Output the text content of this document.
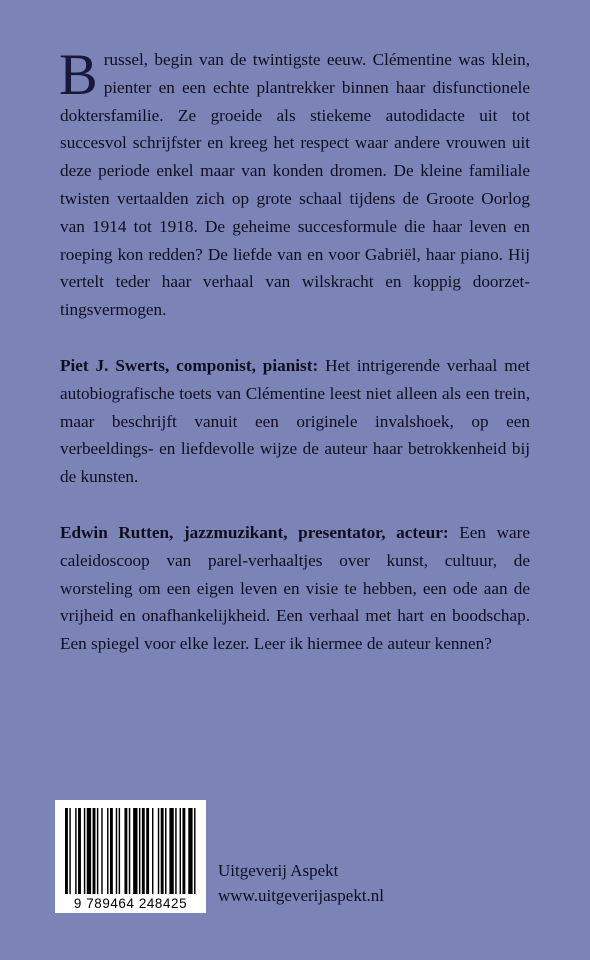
Brussel, begin van de twintigste eeuw. Clémentine was klein, pienter en een echte plantrekker binnen haar disfunctionele doktersfamilie. Ze groeide als stiekeme autodidacte uit tot succesvol schrijfster en kreeg het respect waar andere vrouwen uit deze periode enkel maar van konden dromen. De kleine familiale twisten vertaalden zich op grote schaal tijdens de Groote Oorlog van 1914 tot 1918. De geheime succesformule die haar leven en roeping kon redden? De liefde van en voor Gabriël, haar piano. Hij vertelt teder haar verhaal van wilskracht en koppig doorzettingsvermogen.

Piet J. Swerts, componist, pianist: Het intrigerende verhaal met autobiografische toets van Clémentine leest niet alleen als een trein, maar beschrijft vanuit een originele invalshoek, op een verbeeldings- en liefdevolle wijze de auteur haar betrokkenheid bij de kunsten.

Edwin Rutten, jazzmuzikant, presentator, acteur: Een ware caleidoscoop van parel-verhaaltjes over kunst, cultuur, de worsteling om een eigen leven en visie te hebben, een ode aan de vrijheid en onafhankelijkheid. Een verhaal met hart en boodschap. Een spiegel voor elke lezer. Leer ik hiermee de auteur kennen?

9 789464 248425
Uitgeverij Aspekt
www.uitgeverijaspekt.nl
